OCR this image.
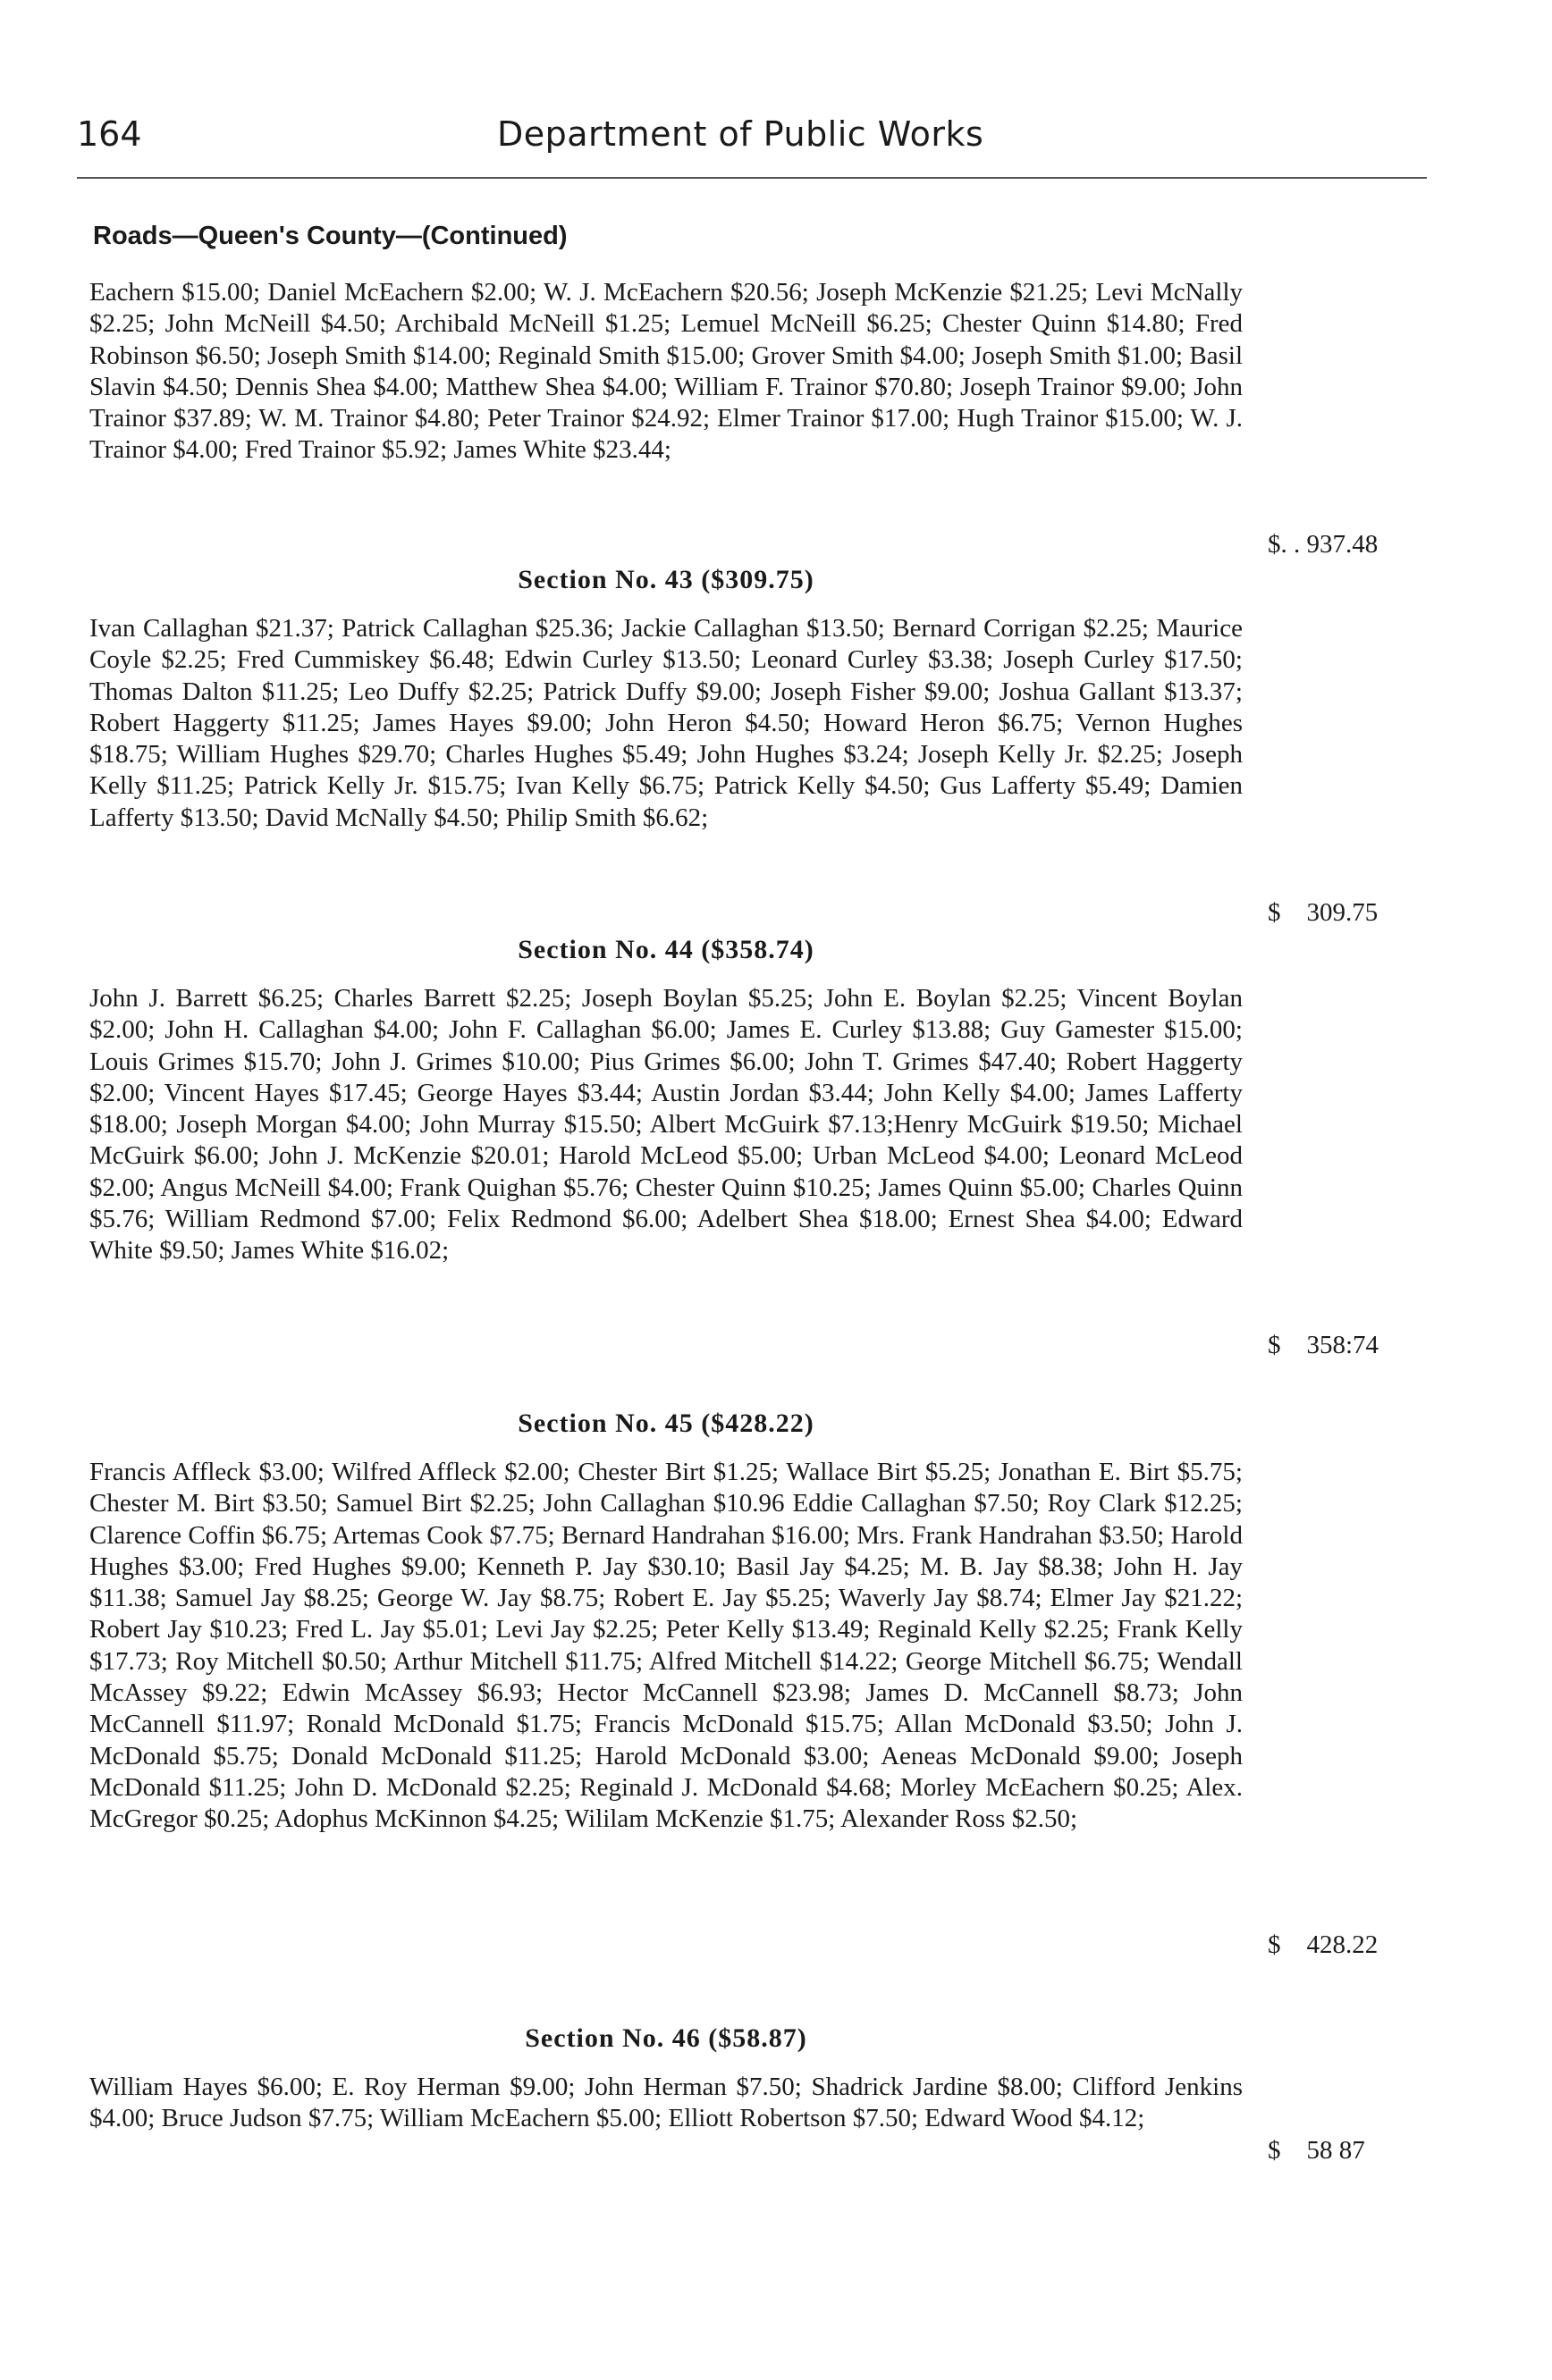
164	Department of Public Works
Roads—Queen's County—(Continued)
Eachern $15.00; Daniel McEachern $2.00; W. J. McEachern $20.56; Joseph McKenzie $21.25; Levi McNally $2.25; John McNeill $4.50; Archibald McNeill $1.25; Lemuel McNeill $6.25; Chester Quinn $14.80; Fred Robinson $6.50; Joseph Smith $14.00; Reginald Smith $15.00; Grover Smith $4.00; Joseph Smith $1.00; Basil Slavin $4.50; Dennis Shea $4.00; Matthew Shea $4.00; William F. Trainor $70.80; Joseph Trainor $9.00; John Trainor $37.89; W. M. Trainor $4.80; Peter Trainor $24.92; Elmer Trainor $17.00; Hugh Trainor $15.00; W. J. Trainor $4.00; Fred Trainor $5.92; James White $23.44;
$. . 937.48
Section No. 43 ($309.75)
Ivan Callaghan $21.37; Patrick Callaghan $25.36; Jackie Callaghan $13.50; Bernard Corrigan $2.25; Maurice Coyle $2.25; Fred Cummiskey $6.48; Edwin Curley $13.50; Leonard Curley $3.38; Joseph Curley $17.50; Thomas Dalton $11.25; Leo Duffy $2.25; Patrick Duffy $9.00; Joseph Fisher $9.00; Joshua Gallant $13.37; Robert Haggerty $11.25; James Hayes $9.00; John Heron $4.50; Howard Heron $6.75; Vernon Hughes $18.75; William Hughes $29.70; Charles Hughes $5.49; John Hughes $3.24; Joseph Kelly Jr. $2.25; Joseph Kelly $11.25; Patrick Kelly Jr. $15.75; Ivan Kelly $6.75; Patrick Kelly $4.50; Gus Lafferty $5.49; Damien Lafferty $13.50; David McNally $4.50; Philip Smith $6.62;
$    309.75
Section No. 44 ($358.74)
John J. Barrett $6.25; Charles Barrett $2.25; Joseph Boylan $5.25; John E. Boylan $2.25; Vincent Boylan $2.00; John H. Callaghan $4.00; John F. Callaghan $6.00; James E. Curley $13.88; Guy Gamester $15.00; Louis Grimes $15.70; John J. Grimes $10.00; Pius Grimes $6.00; John T. Grimes $47.40; Robert Haggerty $2.00; Vincent Hayes $17.45; George Hayes $3.44; Austin Jordan $3.44; John Kelly $4.00; James Lafferty $18.00; Joseph Morgan $4.00; John Murray $15.50; Albert McGuirk $7.13;Henry McGuirk $19.50; Michael McGuirk $6.00; John J. McKenzie $20.01; Harold McLeod $5.00; Urban McLeod $4.00; Leonard McLeod $2.00; Angus McNeill $4.00; Frank Quighan $5.76; Chester Quinn $10.25; James Quinn $5.00; Charles Quinn $5.76; William Redmond $7.00; Felix Redmond $6.00; Adelbert Shea $18.00; Ernest Shea $4.00; Edward White $9.50; James White $16.02;
$    358:74
Section No. 45 ($428.22)
Francis Affleck $3.00; Wilfred Affleck $2.00; Chester Birt $1.25; Wallace Birt $5.25; Jonathan E. Birt $5.75; Chester M. Birt $3.50; Samuel Birt $2.25; John Callaghan $10.96 Eddie Callaghan $7.50; Roy Clark $12.25; Clarence Coffin $6.75; Artemas Cook $7.75; Bernard Handrahan $16.00; Mrs. Frank Handrahan $3.50; Harold Hughes $3.00; Fred Hughes $9.00; Kenneth P. Jay $30.10; Basil Jay $4.25; M. B. Jay $8.38; John H. Jay $11.38; Samuel Jay $8.25; George W. Jay $8.75; Robert E. Jay $5.25; Waverly Jay $8.74; Elmer Jay $21.22; Robert Jay $10.23; Fred L. Jay $5.01; Levi Jay $2.25; Peter Kelly $13.49; Reginald Kelly $2.25; Frank Kelly $17.73; Roy Mitchell $0.50; Arthur Mitchell $11.75; Alfred Mitchell $14.22; George Mitchell $6.75; Wendall McAssey $9.22; Edwin McAssey $6.93; Hector McCannell $23.98; James D. McCannell $8.73; John McCannell $11.97; Ronald McDonald $1.75; Francis McDonald $15.75; Allan McDonald $3.50; John J. McDonald $5.75; Donald McDonald $11.25; Harold McDonald $3.00; Aeneas McDonald $9.00; Joseph McDonald $11.25; John D. McDonald $2.25; Reginald J. McDonald $4.68; Morley McEachern $0.25; Alex. McGregor $0.25; Adophus McKinnon $4.25; Wililam McKenzie $1.75; Alexander Ross $2.50;
$    428.22
Section No. 46 ($58.87)
William Hayes $6.00; E. Roy Herman $9.00; John Herman $7.50; Shadrick Jardine $8.00; Clifford Jenkins $4.00; Bruce Judson $7.75; William McEachern $5.00; Elliott Robertson $7.50; Edward Wood $4.12;
$    58 87
